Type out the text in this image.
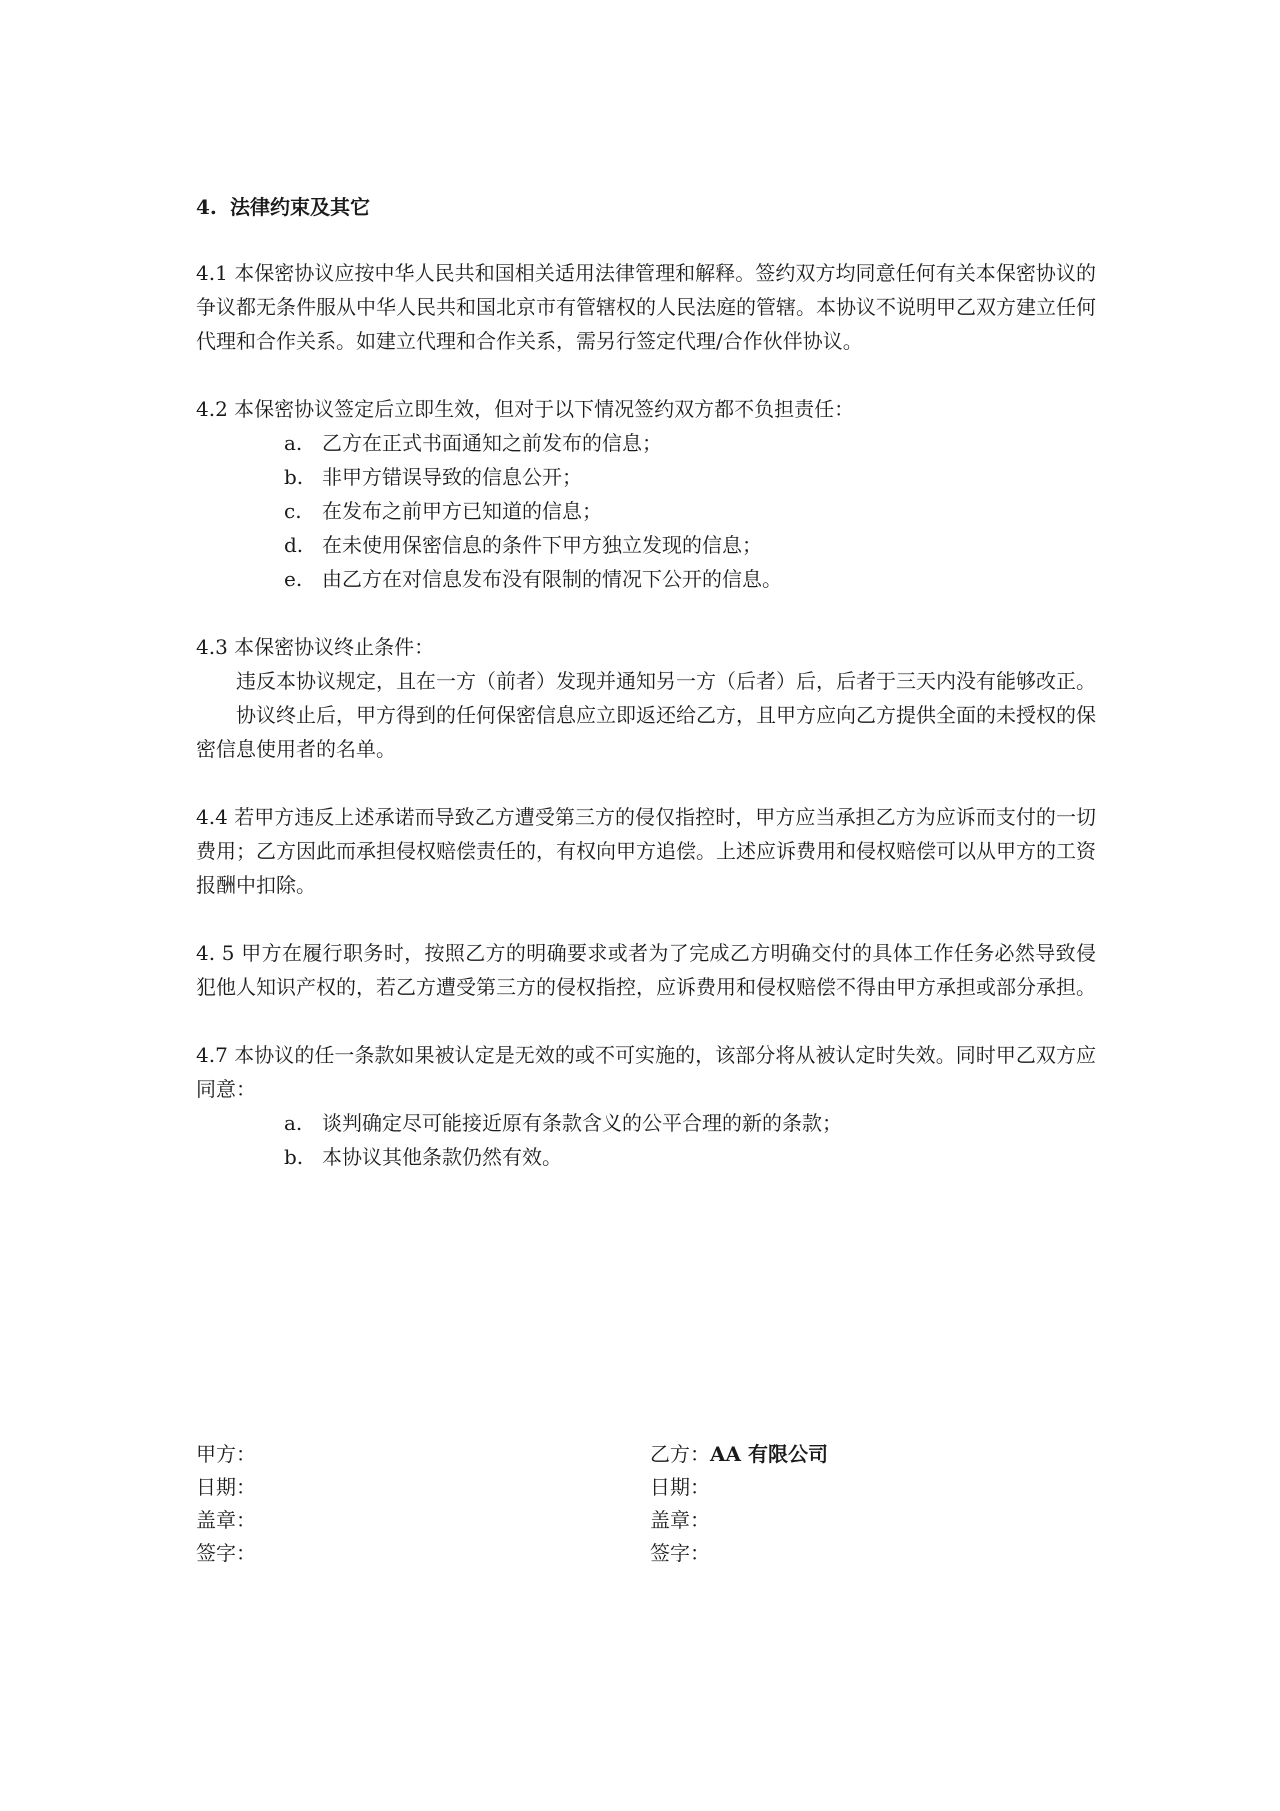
4. 法律约束及其它

4.1 本保密协议应按中华人民共和国相关适用法律管理和解释。签约双方均同意任何有关本保密协议的争议都无条件服从中华人民共和国北京市有管辖权的人民法庭的管辖。本协议不说明甲乙双方建立任何代理和合作关系。如建立代理和合作关系，需另行签定代理/合作伙伴协议。

4.2 本保密协议签定后立即生效，但对于以下情况签约双方都不负担责任：

a. 乙方在正式书面通知之前发布的信息；
b. 非甲方错误导致的信息公开；
c.	在发布之前甲方已知道的信息；
d. 在未使用保密信息的条件下甲方独立发现的信息；
e. 由乙方在对信息发布没有限制的情况下公开的信息。

4.3 本保密协议终止条件：

违反本协议规定，且在一方（前者）发现并通知另一方（后者）后，后者于三天内没有能够改正。

协议终止后，甲方得到的任何保密信息应立即返还给乙方，且甲方应向乙方提供全面的未授权的保密信息使用者的名单。

4.4 若甲方违反上述承诺而导致乙方遭受第三方的侵仅指控时，甲方应当承担乙方为应诉而支付的一切费用；乙方因此而承担侵权赔偿责任的，有权向甲方追偿。上述应诉费用和侵权赔偿可以从甲方的工资报酬中扣除。

4. 5 甲方在履行职务时，按照乙方的明确要求或者为了完成乙方明确交付的具体工作任务必然导致侵犯他人知识产权的，若乙方遭受第三方的侵权指控，应诉费用和侵权赔偿不得由甲方承担或部分承担。

4.7 本协议的任一条款如果被认定是无效的或不可实施的，该部分将从被认定时失效。同时甲乙双方应同意：

a. 谈判确定尽可能接近原有条款含义的公平合理的新的条款；
b. 本协议其他条款仍然有效。
甲方：
日期：
盖章：
签字：
乙方：AA 有限公司
日期：
盖章：
签字：
